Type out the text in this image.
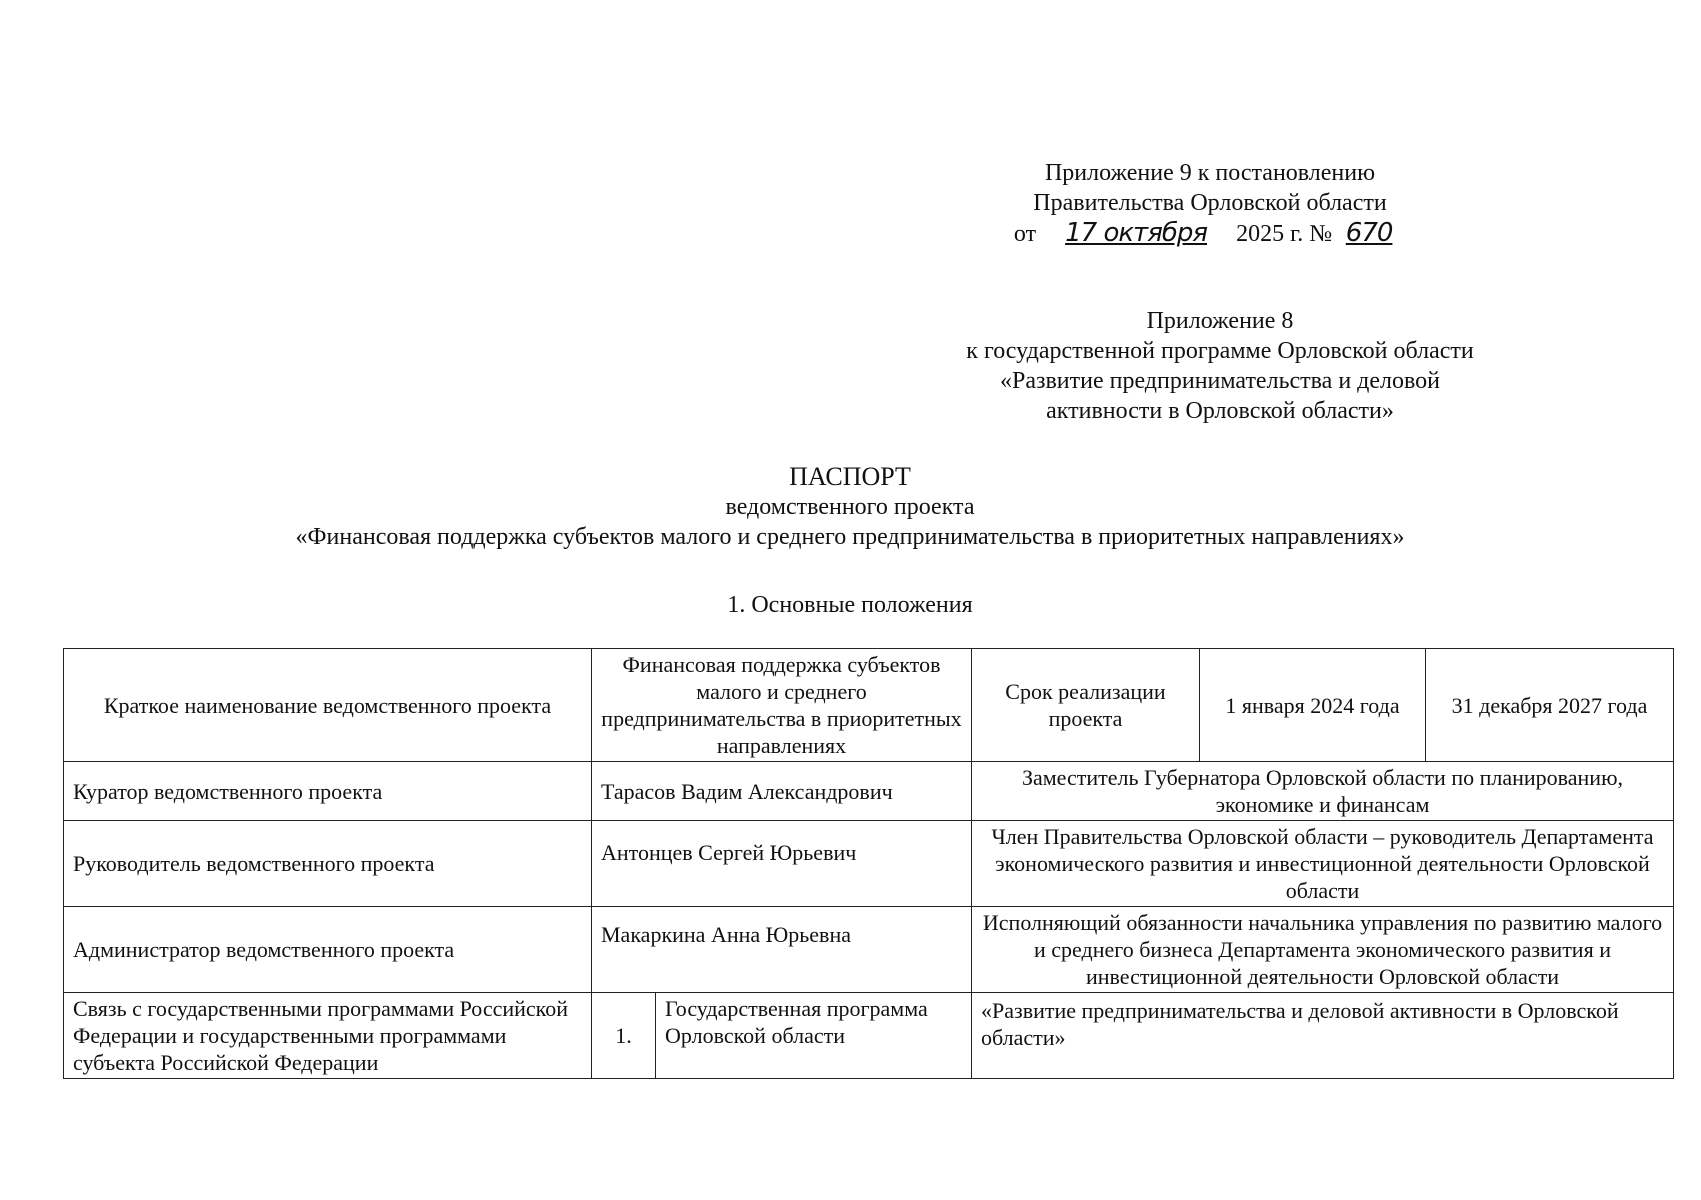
Приложение 9 к постановлению
Правительства Орловской области
от 17 октября 2025 г. № 670
Приложение 8
к государственной программе Орловской области
«Развитие предпринимательства и деловой
активности в Орловской области»
ПАСПОРТ
ведомственного проекта
«Финансовая поддержка субъектов малого и среднего предпринимательства в приоритетных направлениях»
1. Основные положения
Краткое наименование ведомственного проекта	Финансовая поддержка субъектов малого и среднего предпринимательства в приоритетных направлениях		Срок реализации проекта	1 января 2024 года	31 декабря 2027 года
Куратор ведомственного проекта	Тарасов Вадим Александрович		Заместитель Губернатора Орловской области по планированию, экономике и финансам		
Руководитель ведомственного проекта	Антонцев Сергей Юрьевич		Член Правительства Орловской области – руководитель Департамента экономического развития и инвестиционной деятельности Орловской области		
Администратор ведомственного проекта	Макаркина Анна Юрьевна		Исполняющий обязанности начальника управления по развитию малого и среднего бизнеса Департамента экономического развития и инвестиционной деятельности Орловской области		
Связь с государственными программами Российской Федерации и государственными программами субъекта Российской Федерации	1.	Государственная программа Орловской области	«Развитие предпринимательства и деловой активности в Орловской области»		
